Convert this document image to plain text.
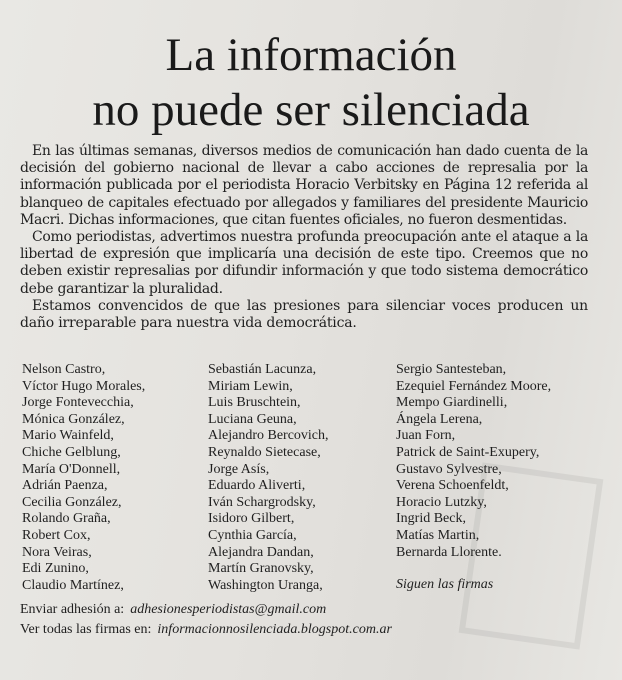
La información
no puede ser silenciada

En las últimas semanas, diversos medios de comunicación han dado cuenta de la decisión del gobierno nacional de llevar a cabo acciones de represalia por la información publicada por el periodista Horacio Verbitsky en Página 12 referida al blanqueo de capitales efectuado por allegados y familiares del presidente Mauricio Macri. Dichas informaciones, que citan fuentes oficiales, no fueron desmentidas.

Como periodistas, advertimos nuestra profunda preocupación ante el ataque a la libertad de expresión que implicaría una decisión de este tipo. Creemos que no deben existir represalias por difundir información y que todo sistema democrático debe garantizar la pluralidad.

Estamos convencidos de que las presiones para silenciar voces producen un daño irreparable para nuestra vida democrática.

Nelson Castro,
Víctor Hugo Morales,
Jorge Fontevecchia,
Mónica González,
Mario Wainfeld,
Chiche Gelblung,
María O'Donnell,
Adrián Paenza,
Cecilia González,
Rolando Graña,
Robert Cox,
Nora Veiras,
Edi Zunino,
Claudio Martínez,
Sebastián Lacunza,
Miriam Lewin,
Luis Bruschtein,
Luciana Geuna,
Alejandro Bercovich,
Reynaldo Sietecase,
Jorge Asís,
Eduardo Aliverti,
Iván Schargrodsky,
Isidoro Gilbert,
Cynthia García,
Alejandra Dandan,
Martín Granovsky,
Washington Uranga,
Sergio Santesteban,
Ezequiel Fernández Moore,
Mempo Giardinelli,
Ángela Lerena,
Juan Forn,
Patrick de Saint-Exupery,
Gustavo Sylvestre,
Verena Schoenfeldt,
Horacio Lutzky,
Ingrid Beck,
Matías Martin,
Bernarda Llorente.
Siguen las firmas
Enviar adhesión a: adhesionesperiodistas@gmail.com
Ver todas las firmas en: informacionnosilenciada.blogspot.com.ar
